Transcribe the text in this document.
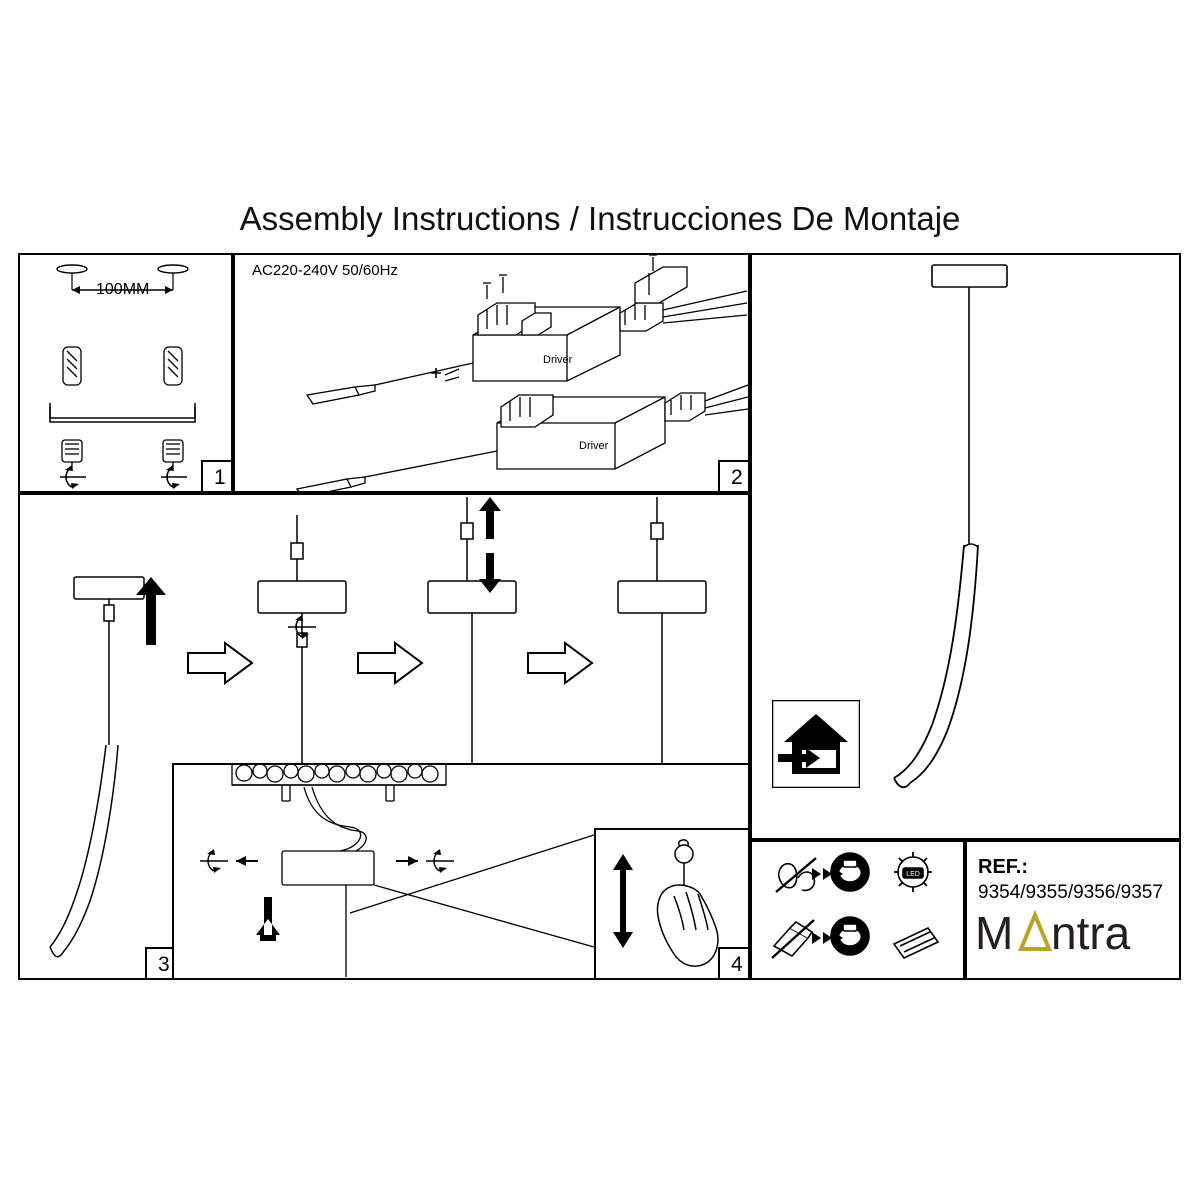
Assembly Instructions / Instrucciones De Montaje
100MM
1
AC220-240V 50/60Hz
Driver
Driver
2
3	4
LED	REF.:
9354/9355/9356/9357
M ntra
